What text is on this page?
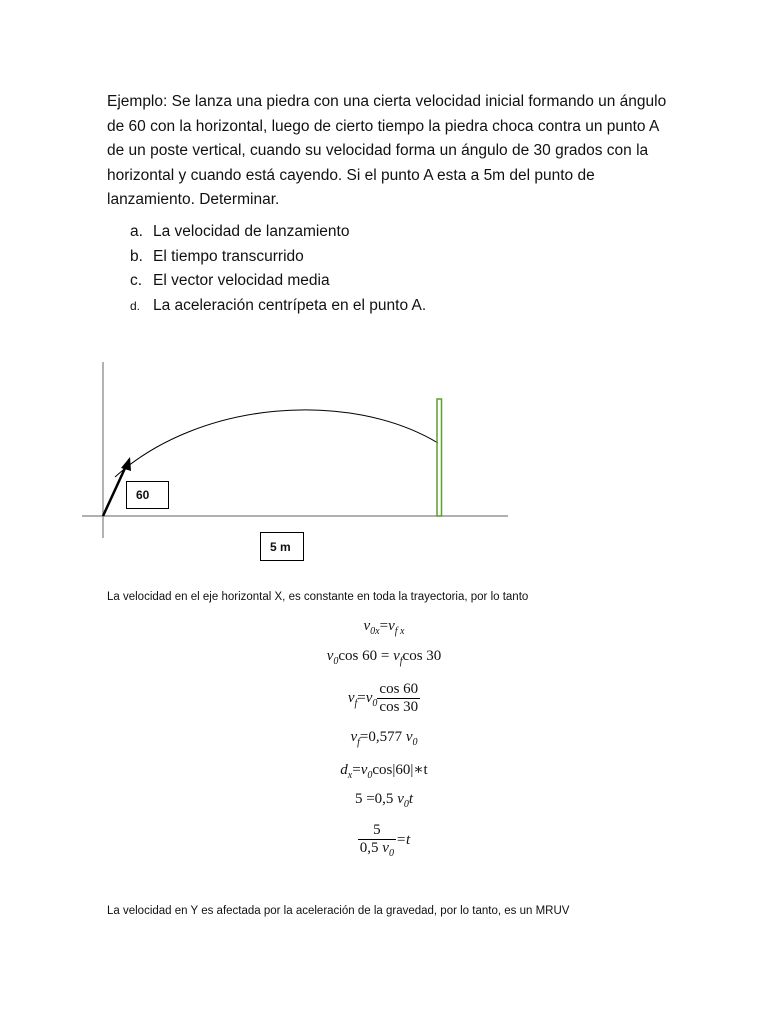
Ejemplo: Se lanza una piedra con una cierta velocidad inicial formando un ángulo de 60 con la horizontal, luego de cierto tiempo la piedra choca contra un punto A de un poste vertical, cuando su velocidad forma un ángulo de 30 grados con la horizontal y cuando está cayendo. Si el punto A esta a 5m del punto de lanzamiento. Determinar.
a. La velocidad de lanzamiento
b. El tiempo transcurrido
c. El vector velocidad media
d. La aceleración centrípeta en el punto A.
60
5 m
La velocidad en el eje horizontal X, es constante en toda la trayectoria, por lo tanto
$v_{0x}=v_{f x}$
$v_0\cos$ $60 = v_f\cos$ 30
$v_f=v_0 \frac{\cos 60}{\cos 30}$
$v_f=0,577$ $v_0$
$d_x=v_0\cos|60|∗t$
5 =0,5 $v_0t$
$\frac{5}{0,5 v_0} =t$
La velocidad en Y es afectada por la aceleración de la gravedad, por lo tanto, es un MRUV
